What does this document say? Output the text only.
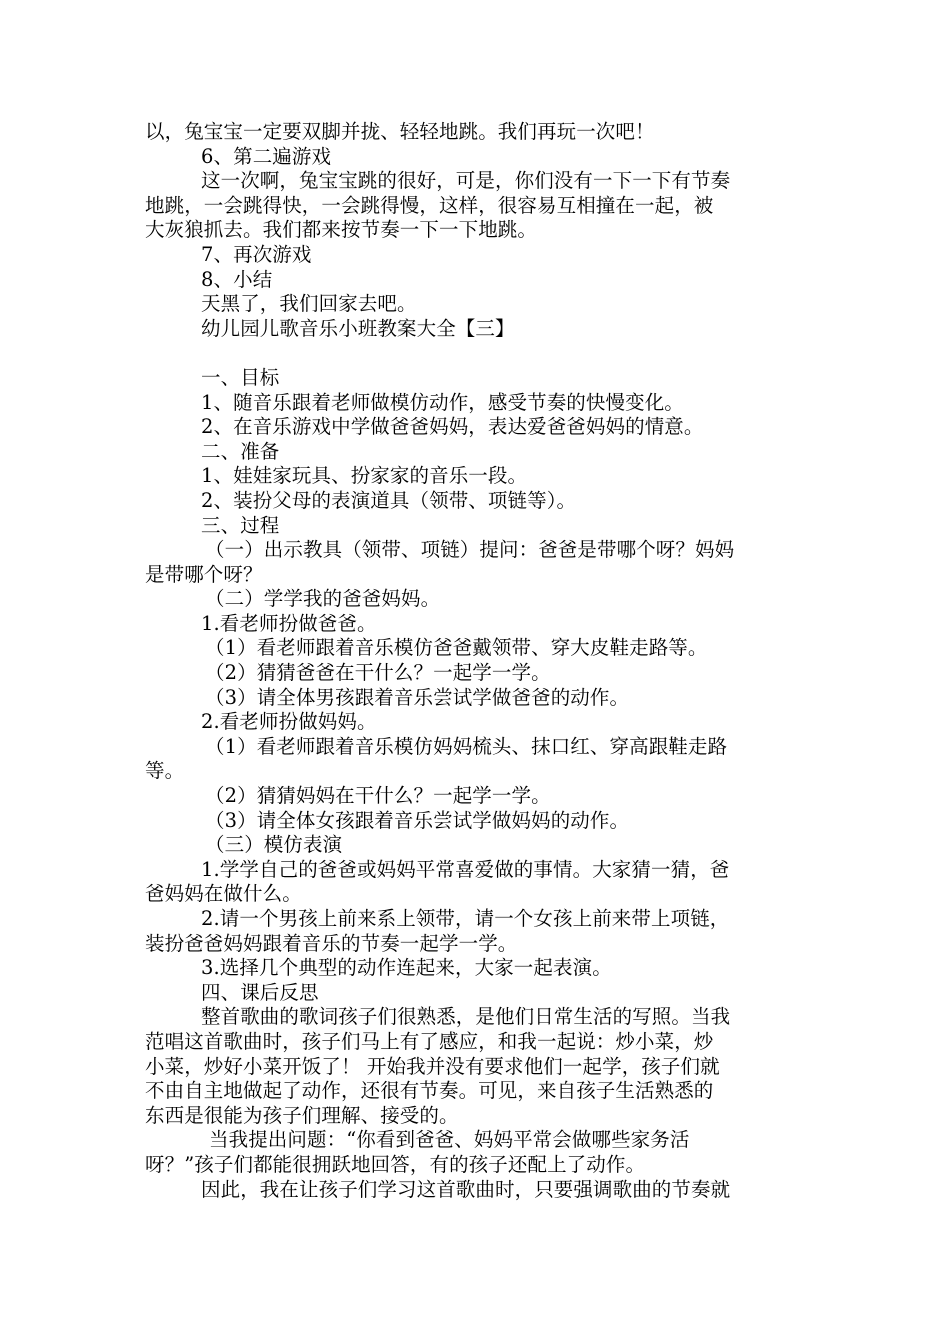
以，兔宝宝一定要双脚并拢、轻轻地跳。我们再玩一次吧！
6、第二遍游戏
这一次啊，兔宝宝跳的很好，可是，你们没有一下一下有节奏
地跳，一会跳得快，一会跳得慢，这样，很容易互相撞在一起，被
大灰狼抓去。我们都来按节奏一下一下地跳。
7、再次游戏
8、小结
天黑了，我们回家去吧。
幼儿园儿歌音乐小班教案大全【三】
一、目标
1、随音乐跟着老师做模仿动作，感受节奏的快慢变化。
2、在音乐游戏中学做爸爸妈妈，表达爱爸爸妈妈的情意。
二、准备
1、娃娃家玩具、扮家家的音乐一段。
2、装扮父母的表演道具（领带、项链等）。
三、过程
（一）出示教具（领带、项链）提问：爸爸是带哪个呀？妈妈
是带哪个呀？
（二）学学我的爸爸妈妈。
1.看老师扮做爸爸。
（1）看老师跟着音乐模仿爸爸戴领带、穿大皮鞋走路等。
（2）猜猜爸爸在干什么？一起学一学。
（3）请全体男孩跟着音乐尝试学做爸爸的动作。
2.看老师扮做妈妈。
（1）看老师跟着音乐模仿妈妈梳头、抹口红、穿高跟鞋走路
等。
（2）猜猜妈妈在干什么？一起学一学。
（3）请全体女孩跟着音乐尝试学做妈妈的动作。
（三）模仿表演
1.学学自己的爸爸或妈妈平常喜爱做的事情。大家猜一猜，爸
爸妈妈在做什么。
2.请一个男孩上前来系上领带，请一个女孩上前来带上项链，
装扮爸爸妈妈跟着音乐的节奏一起学一学。
3.选择几个典型的动作连起来，大家一起表演。
四、课后反思
整首歌曲的歌词孩子们很熟悉，是他们日常生活的写照。当我
范唱这首歌曲时，孩子们马上有了感应，和我一起说：炒小菜，炒
小菜，炒好小菜开饭了！ 开始我并没有要求他们一起学，孩子们就
不由自主地做起了动作，还很有节奏。可见，来自孩子生活熟悉的
东西是很能为孩子们理解、接受的。
当我提出问题：“你看到爸爸、妈妈平常会做哪些家务活
呀？”孩子们都能很拥跃地回答，有的孩子还配上了动作。
因此，我在让孩子们学习这首歌曲时，只要强调歌曲的节奏就
